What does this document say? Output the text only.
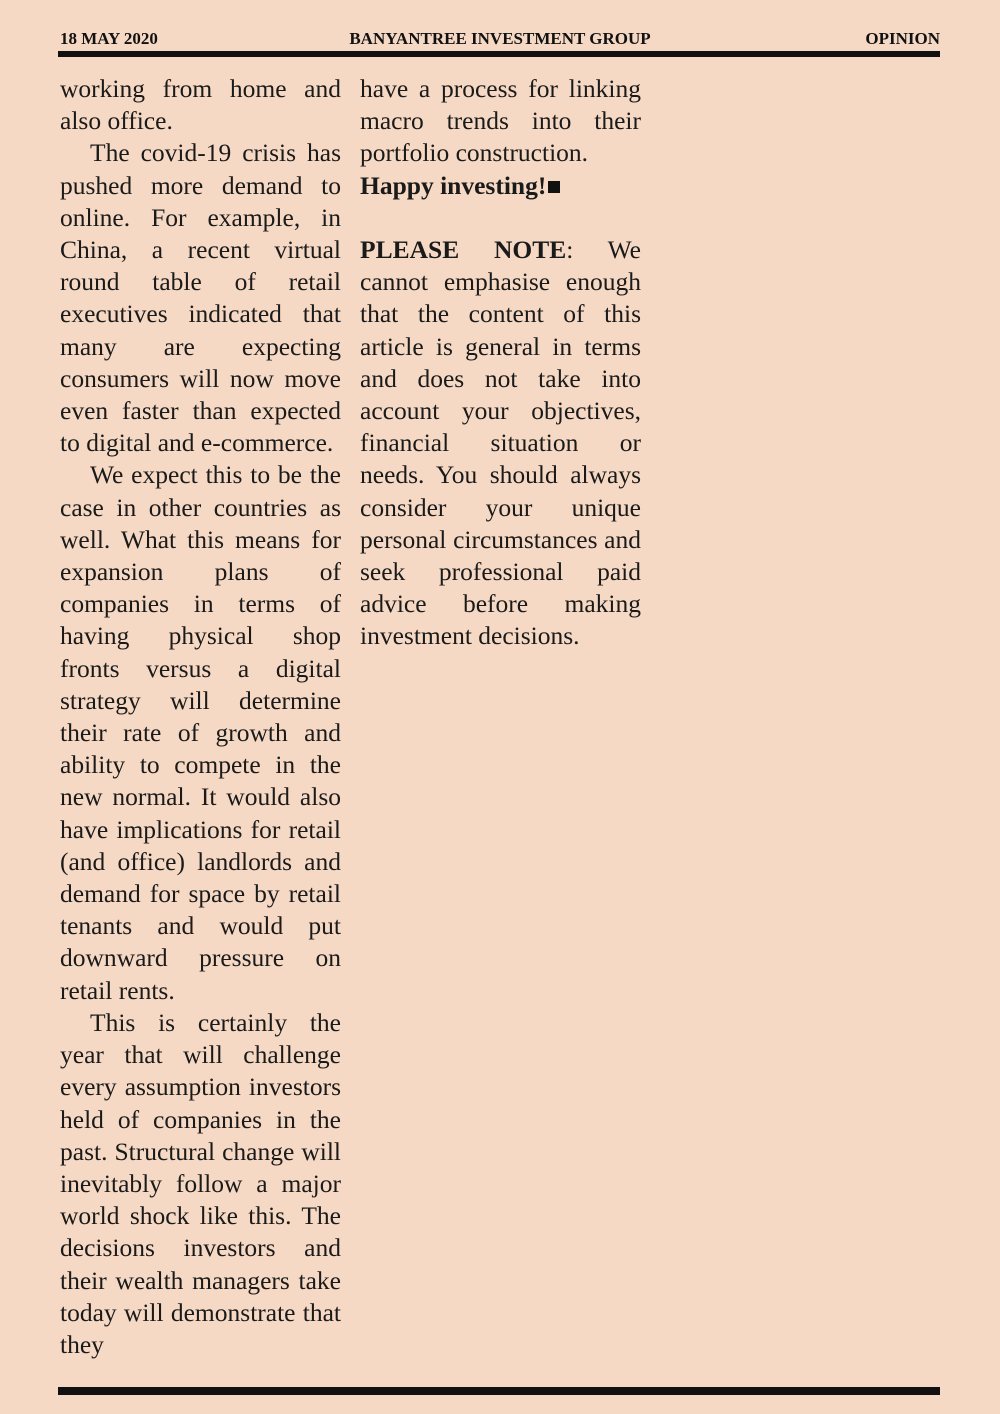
18 MAY 2020	BANYANTREE INVESTMENT GROUP	OPINION

working from home and also office.

The covid-19 crisis has pushed more demand to online. For example, in China, a recent virtual round table of retail executives indicated that many are expecting consumers will now move even faster than expected to digital and e-commerce.

We expect this to be the case in other countries as well. What this means for expansion plans of companies in terms of having physical shop fronts versus a digital strategy will determine their rate of growth and ability to compete in the new normal. It would also have implications for retail (and office) landlords and demand for space by retail tenants and would put downward pressure on retail rents.

This is certainly the year that will challenge every assumption investors held of companies in the past. Structural change will inevitably follow a major world shock like this. The decisions investors and their wealth managers take today will demonstrate that they

have a process for linking macro trends into their portfolio construction.

Happy investing!

PLEASE NOTE: We cannot emphasise enough that the content of this article is general in terms and does not take into account your objectives, financial situation or needs. You should always consider your unique personal circumstances and seek professional paid advice before making investment decisions.
